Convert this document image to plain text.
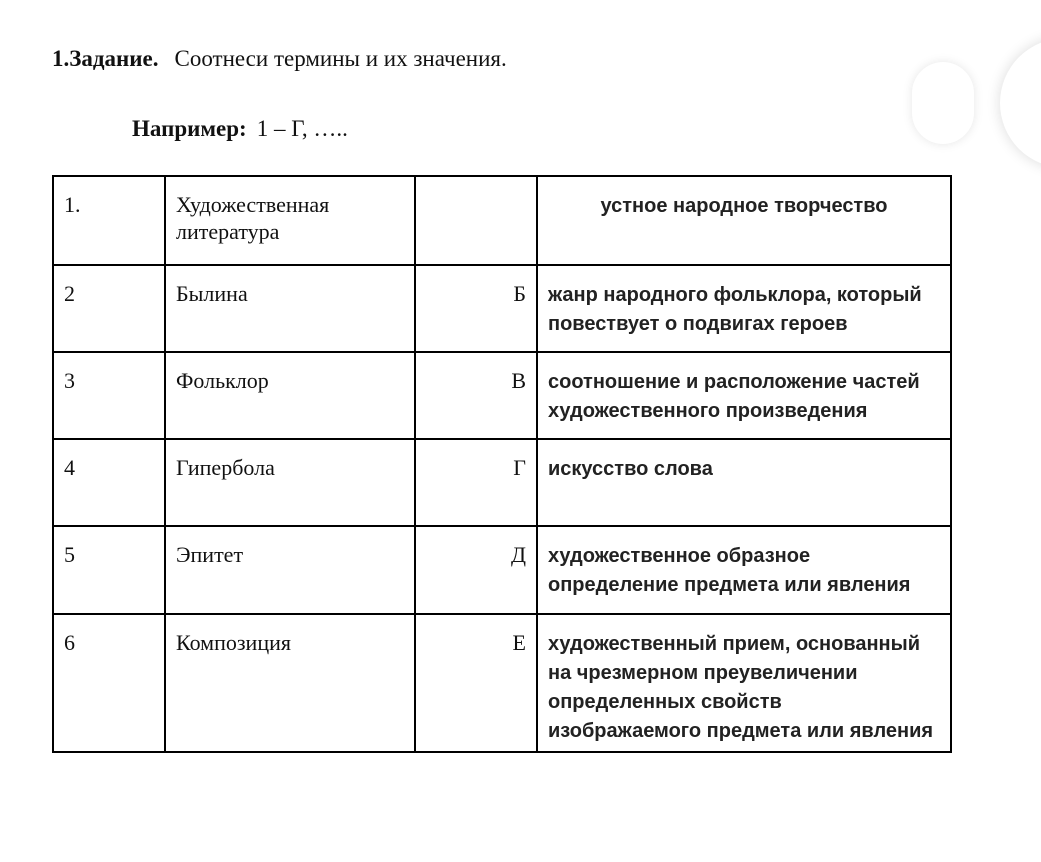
1.Задание. Соотнеси термины и их значения.
Например: 1 – Г, …..
1.	Художественная литература		устное народное творчество
2	Былина	Б	жанр народного фольклора, который повествует о подвигах героев
3	Фольклор	В	соотношение и расположение частей художественного произведения
4	Гипербола	Г	искусство слова
5	Эпитет	Д	художественное образное определение предмета или явления
6	Композиция	Е	художественный прием, основанный на чрезмерном преувеличении определенных свойств изображаемого предмета или явления
